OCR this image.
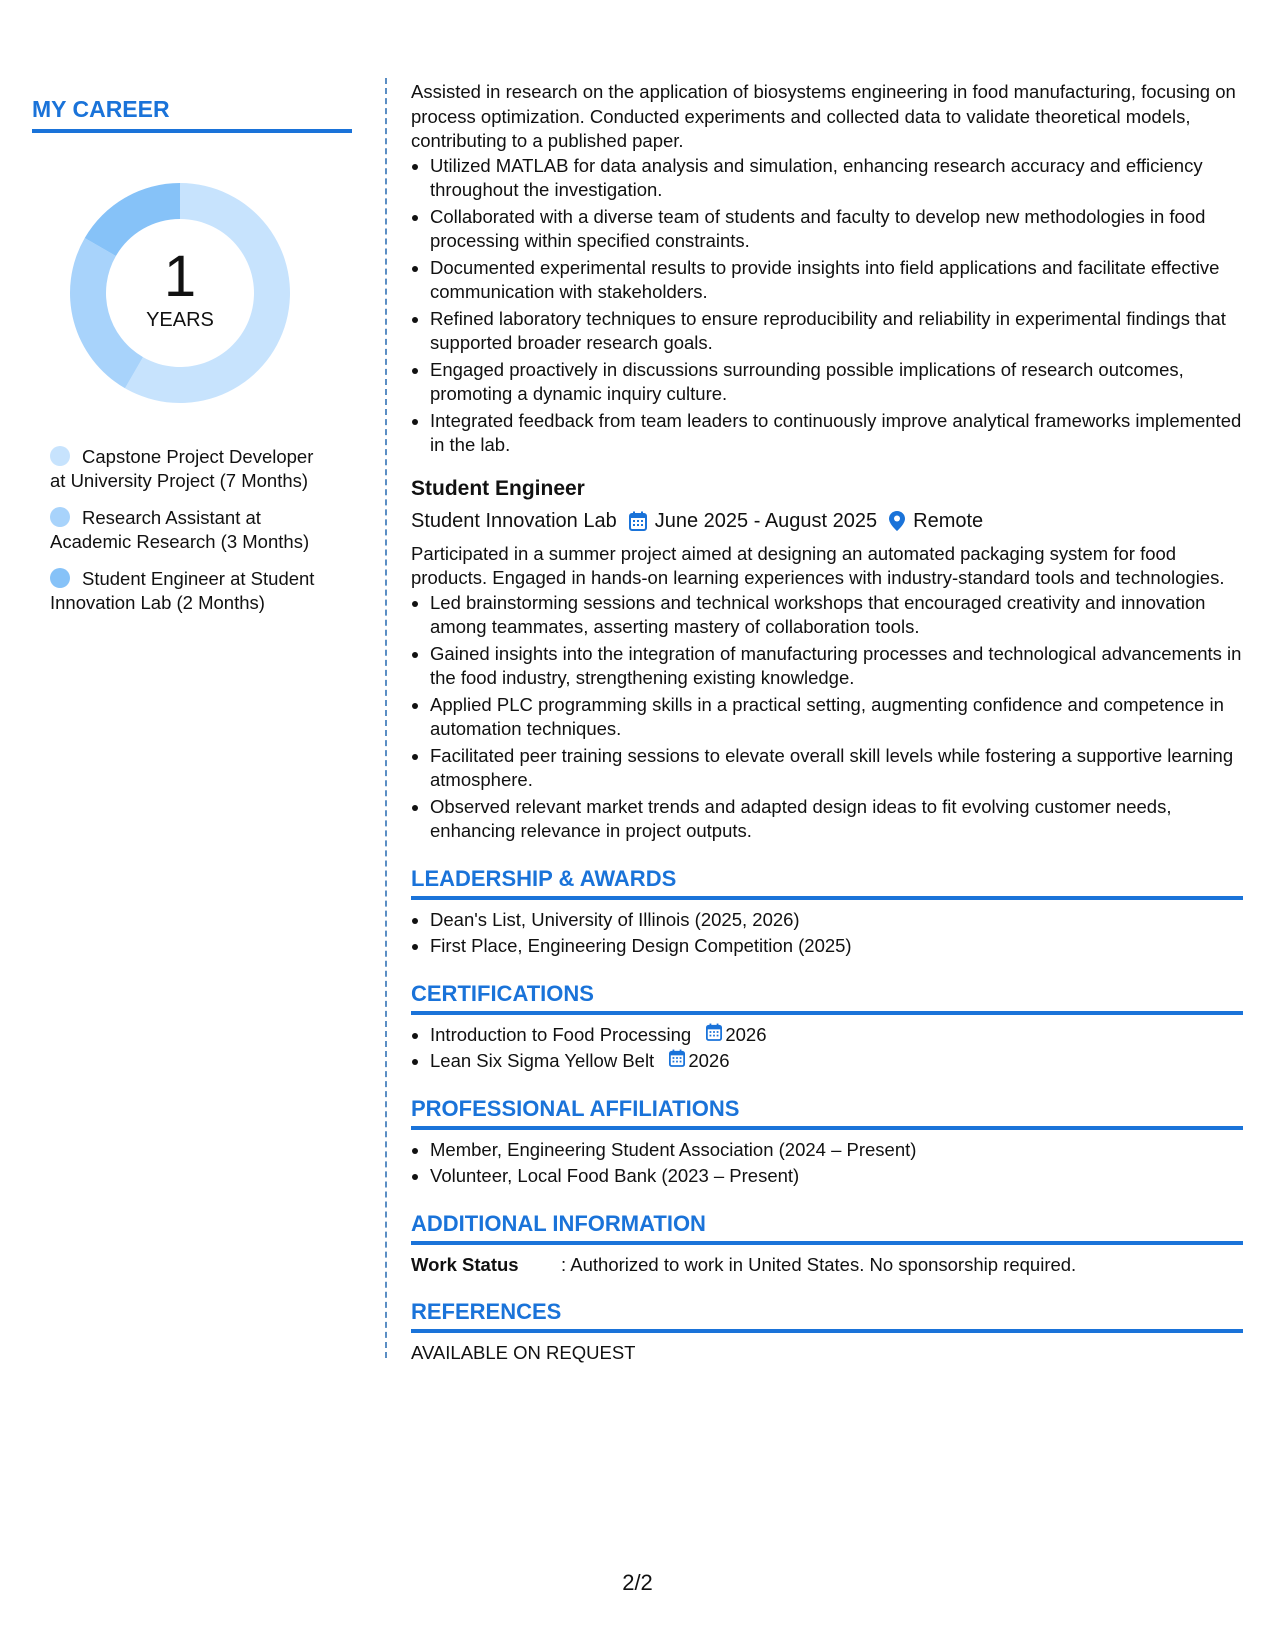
MY CAREER
1
YEARS
Capstone Project Developer at University Project (7 Months)
Research Assistant at Academic Research (3 Months)
Student Engineer at Student Innovation Lab (2 Months)

Assisted in research on the application of biosystems engineering in food manufacturing, focusing on process optimization. Conducted experiments and collected data to validate theoretical models, contributing to a published paper.

• Utilized MATLAB for data analysis and simulation, enhancing research accuracy and efficiency throughout the investigation.
• Collaborated with a diverse team of students and faculty to develop new methodologies in food processing within specified constraints.
• Documented experimental results to provide insights into field applications and facilitate effective communication with stakeholders.
• Refined laboratory techniques to ensure reproducibility and reliability in experimental findings that supported broader research goals.
• Engaged proactively in discussions surrounding possible implications of research outcomes, promoting a dynamic inquiry culture.
• Integrated feedback from team leaders to continuously improve analytical frameworks implemented in the lab.
Student Engineer
Student Innovation Lab June 2025 - August 2025 Remote

Participated in a summer project aimed at designing an automated packaging system for food products. Engaged in hands-on learning experiences with industry-standard tools and technologies.

• Led brainstorming sessions and technical workshops that encouraged creativity and innovation among teammates, asserting mastery of collaboration tools.
• Gained insights into the integration of manufacturing processes and technological advancements in the food industry, strengthening existing knowledge.
• Applied PLC programming skills in a practical setting, augmenting confidence and competence in automation techniques.
• Facilitated peer training sessions to elevate overall skill levels while fostering a supportive learning atmosphere.
• Observed relevant market trends and adapted design ideas to fit evolving customer needs, enhancing relevance in project outputs.
LEADERSHIP & AWARDS
• Dean's List, University of Illinois (2025, 2026)
• First Place, Engineering Design Competition (2025)
CERTIFICATIONS
• Introduction to Food Processing 2026
• Lean Six Sigma Yellow Belt 2026
PROFESSIONAL AFFILIATIONS
• Member, Engineering Student Association (2024 – Present)
• Volunteer, Local Food Bank (2023 – Present)
ADDITIONAL INFORMATION
Work Status	: Authorized to work in United States. No sponsorship required.
REFERENCES

AVAILABLE ON REQUEST

2/2
